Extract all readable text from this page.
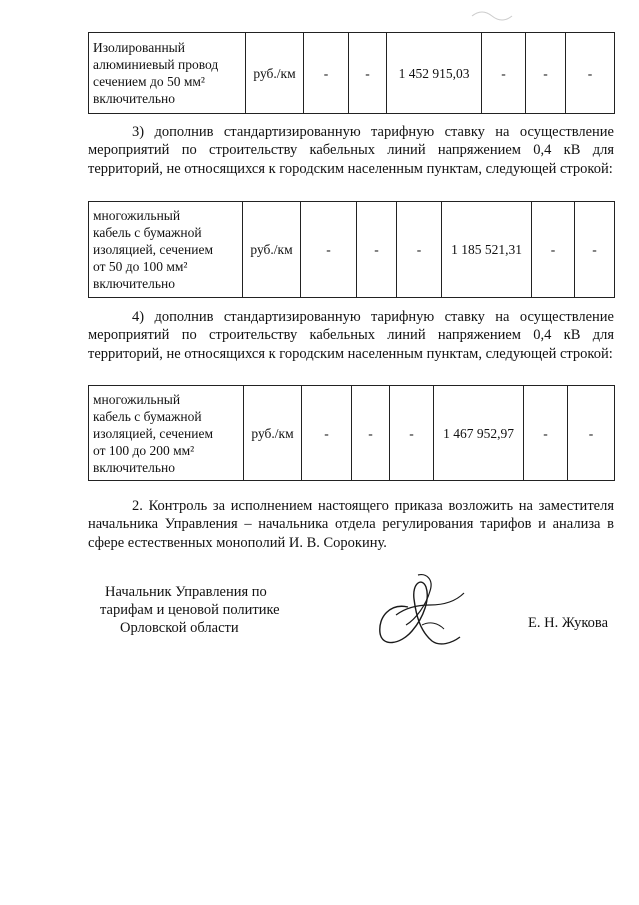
Изолированный
алюминиевый провод
сечением до 50 мм²
включительно
	руб./км	-	-	1 452 915,03	-	-	-

3) дополнив стандартизированную тарифную ставку на осуществление мероприятий по строительству кабельных линий напряжением 0,4 кВ для территорий, не относящихся к городским населенным пунктам, следующей строкой:

многожильный
кабель с бумажной
изоляцией, сечением
от 50 до 100 мм²
включительно
	руб./км	-	-	-	1 185 521,31	-	-

4) дополнив стандартизированную тарифную ставку на осуществление мероприятий по строительству кабельных линий напряжением 0,4 кВ для территорий, не относящихся к городским населенным пунктам, следующей строкой:

многожильный
кабель с бумажной
изоляцией, сечением
от 100 до 200 мм²
включительно
	руб./км	-	-	-	1 467 952,97	-	-

2. Контроль за исполнением настоящего приказа возложить на заместителя начальника Управления – начальника отдела регулирования тарифов и анализа в сфере естественных монополий И. В. Сорокину.

Начальник Управления по
тарифам и ценовой политике
Орловской области	Е. Н. Жукова
